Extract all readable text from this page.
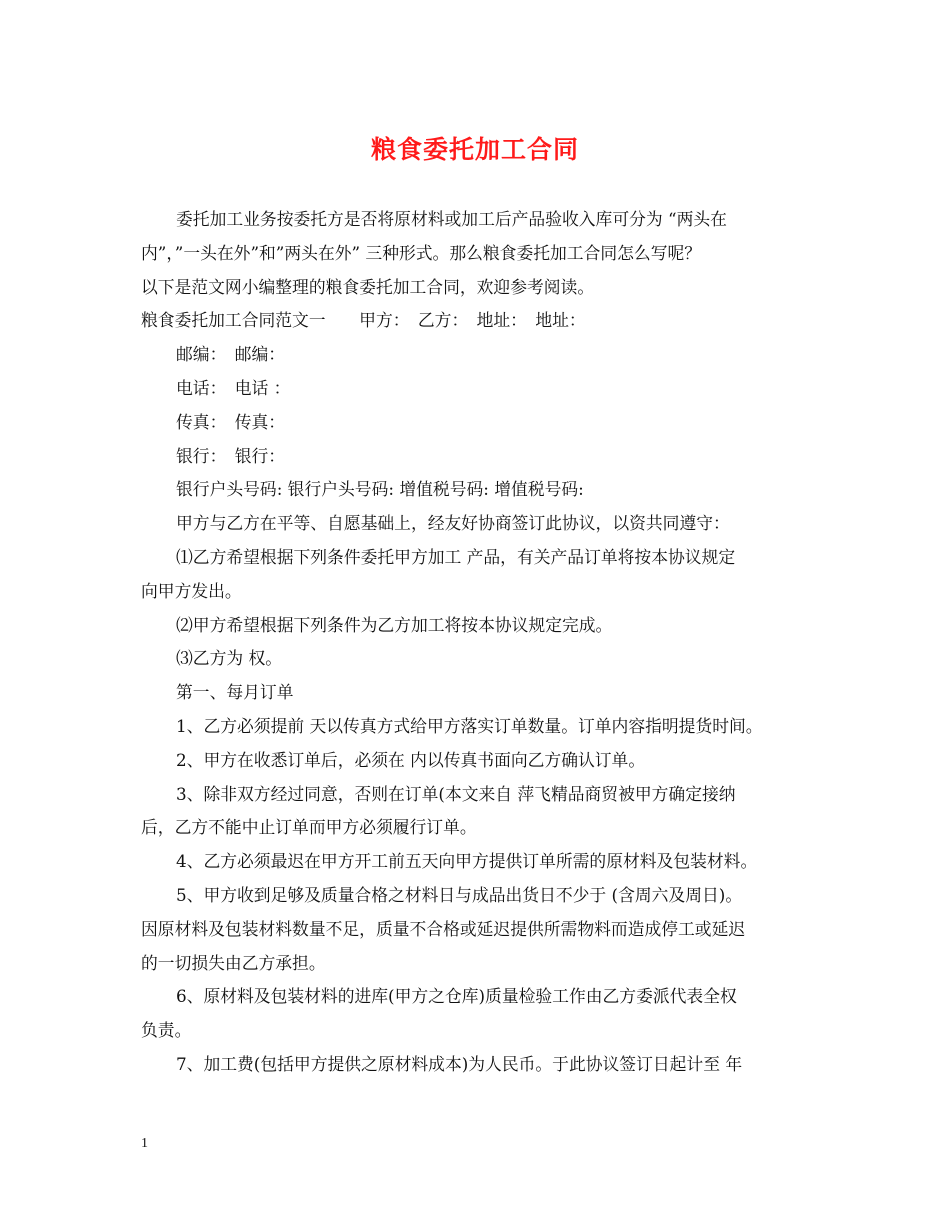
粮食委托加工合同
委托加工业务按委托方是否将原材料或加工后产品验收入库可分为 “两头在
内”，”一头在外”和”两头在外” 三种形式。那么粮食委托加工合同怎么写呢？
以下是范文网小编整理的粮食委托加工合同，欢迎参考阅读。
粮食委托加工合同范文一　　甲方：　乙方：　地址：　地址：
邮编：　邮编：
电话：　电话 ：
传真：　传真：
银行：　银行：
银行户头号码: 银行户头号码: 增值税号码: 增值税号码:
甲方与乙方在平等、自愿基础上，经友好协商签订此协议，以资共同遵守：
⑴乙方希望根据下列条件委托甲方加工 产品，有关产品订单将按本协议规定
向甲方发出。
⑵甲方希望根据下列条件为乙方加工将按本协议规定完成。
⑶乙方为 权。
第一、每月订单
1、乙方必须提前 天以传真方式给甲方落实订单数量。订单内容指明提货时间。
2、甲方在收悉订单后，必须在 内以传真书面向乙方确认订单。
3、除非双方经过同意，否则在订单(本文来自 萍飞精品商贸被甲方确定接纳
后，乙方不能中止订单而甲方必须履行订单。
4、乙方必须最迟在甲方开工前五天向甲方提供订单所需的原材料及包装材料。
5、甲方收到足够及质量合格之材料日与成品出货日不少于 (含周六及周日)。
因原材料及包装材料数量不足，质量不合格或延迟提供所需物料而造成停工或延迟
的一切损失由乙方承担。
6、原材料及包装材料的进库(甲方之仓库)质量检验工作由乙方委派代表全权
负责。
7、加工费(包括甲方提供之原材料成本)为人民币。于此协议签订日起计至 年
1
